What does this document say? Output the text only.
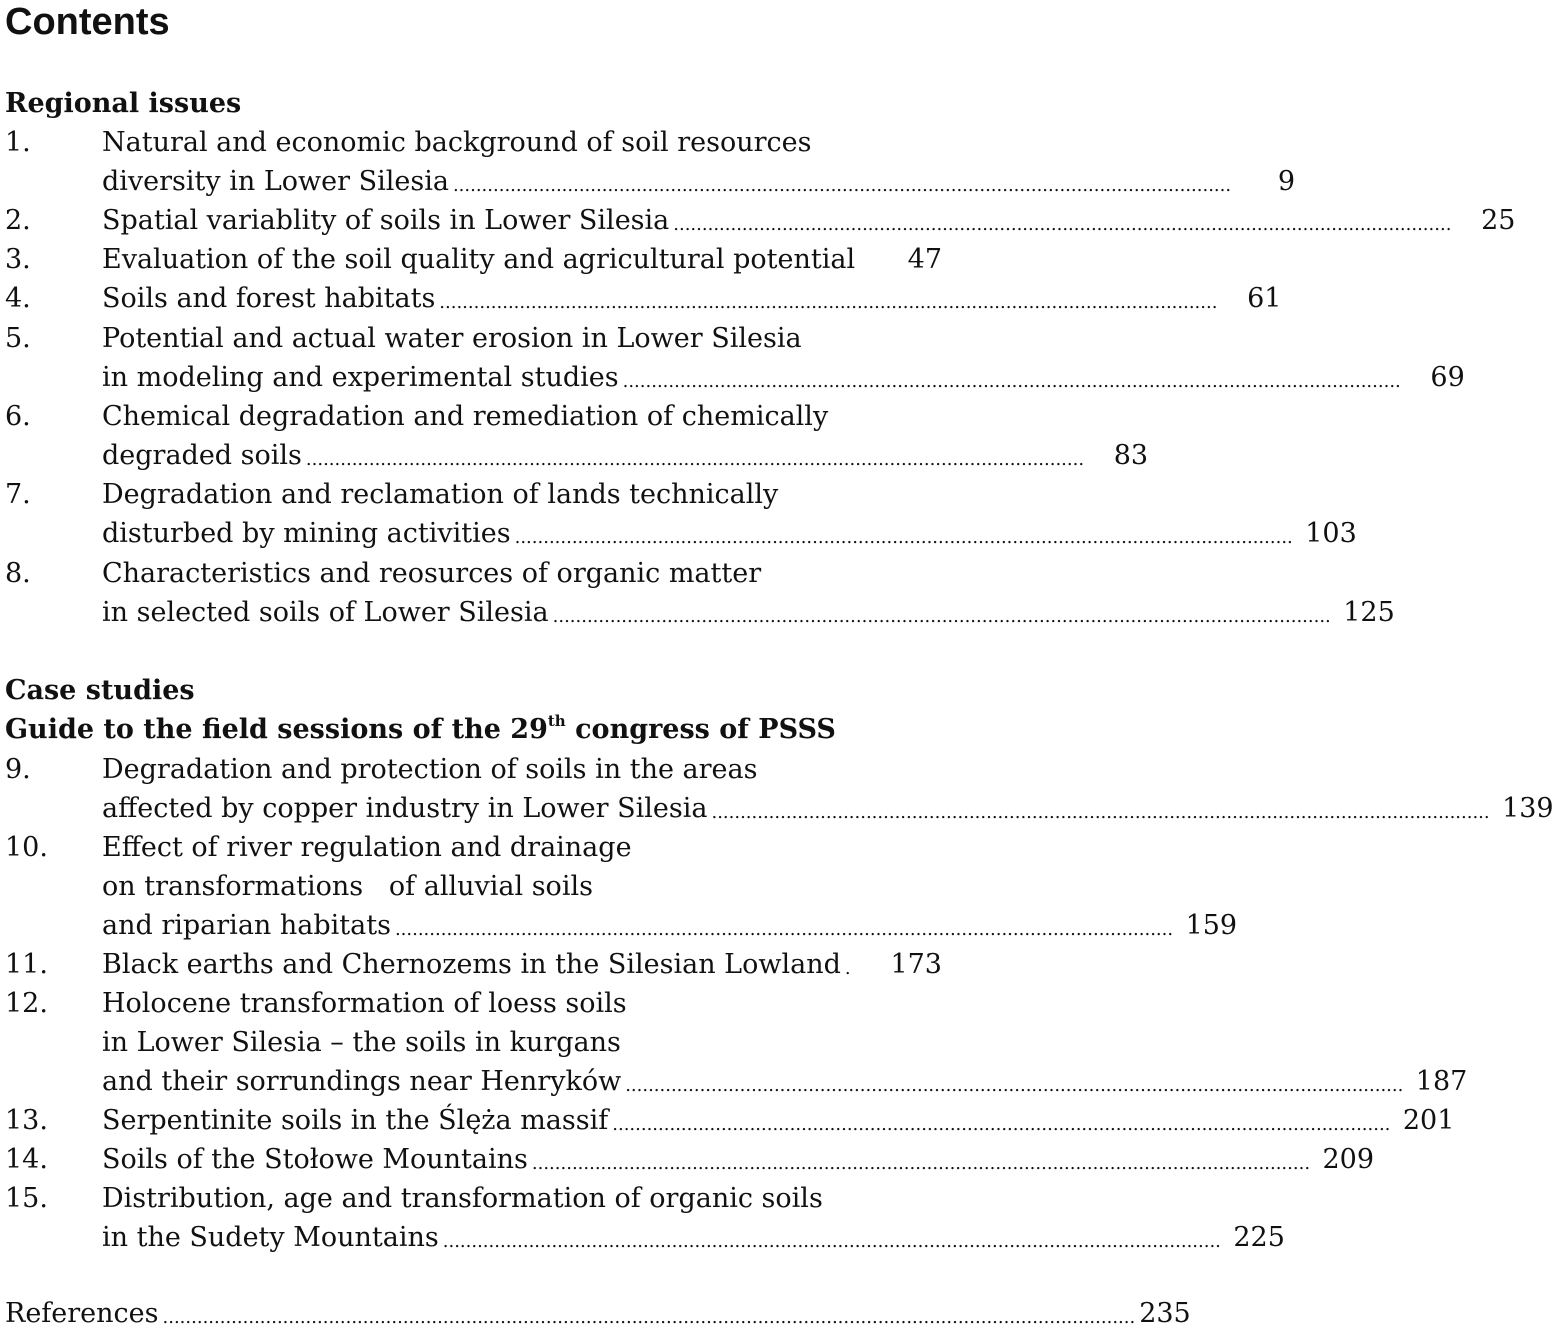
Contents
Regional issues
1.	Natural and economic background of soil resources
diversity in Lower Silesia ........................................................................................................................................	9
2.	Spatial variablity of soils in Lower Silesia ........................................................................................................................................	25
3.	Evaluation of the soil quality and agricultural potential	47
4.	Soils and forest habitats ........................................................................................................................................	61
5.	Potential and actual water erosion in Lower Silesia
in modeling and experimental studies ........................................................................................................................................	69
6.	Chemical degradation and remediation of chemically
degraded soils ........................................................................................................................................	83
7.	Degradation and reclamation of lands technically
disturbed by mining activities ........................................................................................................................................ 103
8.	Characteristics and reosurces of organic matter
in selected soils of Lower Silesia ........................................................................................................................................ 125
Case studies
Guide to the field sessions of the 29th congress of PSSS
9.	Degradation and protection of soils in the areas
affected by copper industry in Lower Silesia ........................................................................................................................................ 139
10. Effect of river regulation and drainage
on transformations   of alluvial soils
and riparian habitats ........................................................................................................................................ 159
11. Black earths and Chernozems in the Silesian Lowland .	173
12. Holocene transformation of loess soils
in Lower Silesia – the soils in kurgans
and their sorrundings near Henryków ........................................................................................................................................ 187
13. Serpentinite soils in the Ślęża massif ........................................................................................................................................ 201
14. Soils of the Stołowe Mountains ........................................................................................................................................ 209
15. Distribution, age and transformation of organic soils
in the Sudety Mountains ........................................................................................................................................ 225
References .......................................................................................................................................................................... 235
